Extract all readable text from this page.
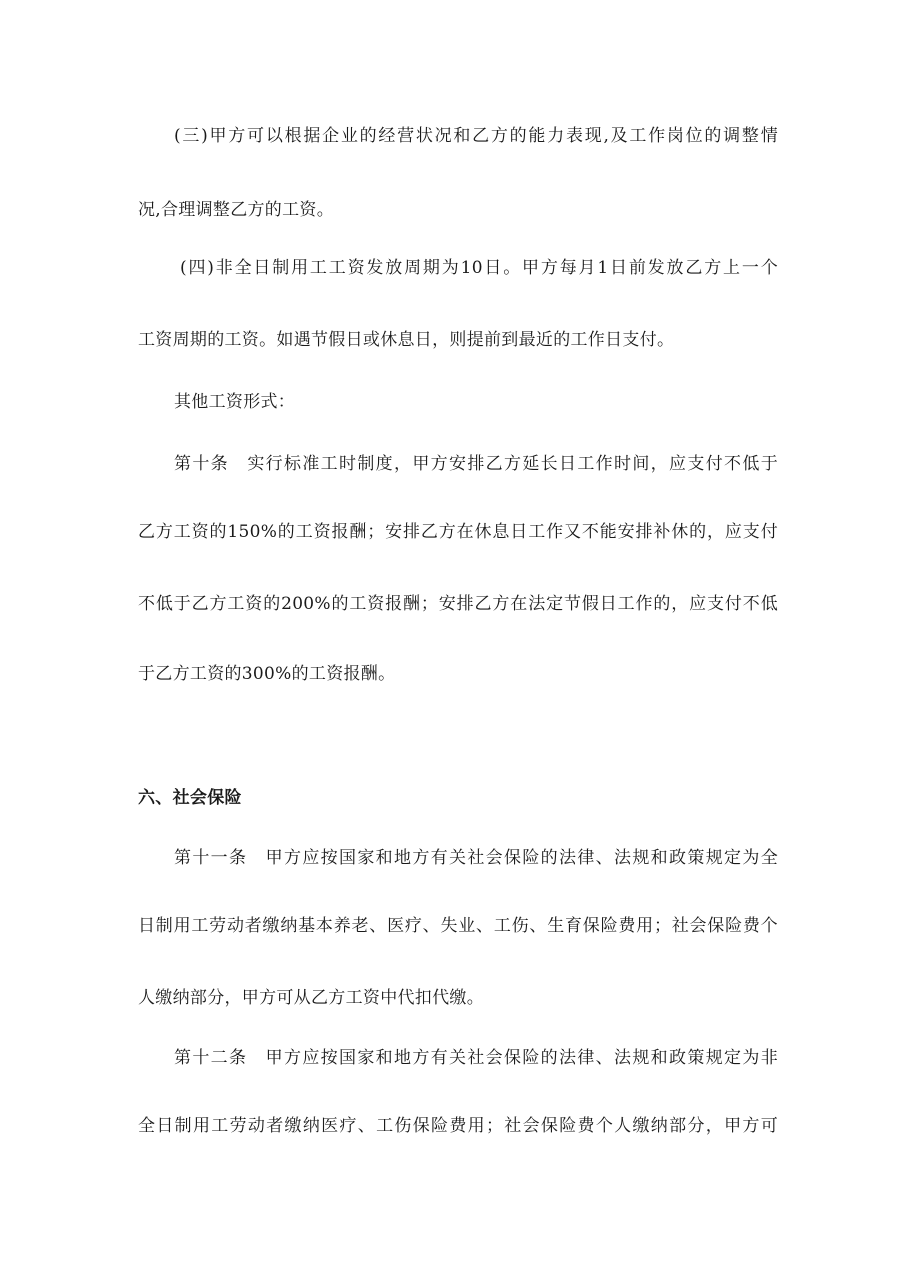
(三)甲方可以根据企业的经营状况和乙方的能力表现,及工作岗位的调整情
况,合理调整乙方的工资。
(四)非全日制用工工资发放周期为10日。甲方每月1日前发放乙方上一个
工资周期的工资。如遇节假日或休息日，则提前到最近的工作日支付。
其他工资形式：
第十条　实行标准工时制度，甲方安排乙方延长日工作时间，应支付不低于
乙方工资的150%的工资报酬；安排乙方在休息日工作又不能安排补休的，应支付
不低于乙方工资的200%的工资报酬；安排乙方在法定节假日工作的，应支付不低
于乙方工资的300%的工资报酬。
六、社会保险
第十一条　甲方应按国家和地方有关社会保险的法律、法规和政策规定为全
日制用工劳动者缴纳基本养老、医疗、失业、工伤、生育保险费用；社会保险费个
人缴纳部分，甲方可从乙方工资中代扣代缴。
第十二条　甲方应按国家和地方有关社会保险的法律、法规和政策规定为非
全日制用工劳动者缴纳医疗、工伤保险费用；社会保险费个人缴纳部分，甲方可
